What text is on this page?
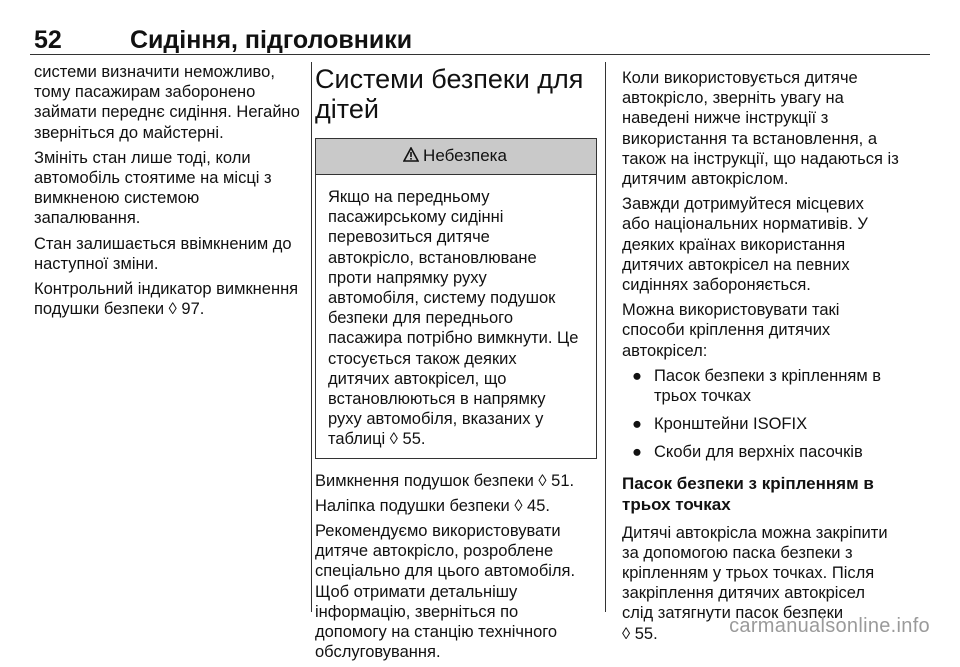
52	Сидіння, підголовники

системи визначити неможливо,
тому пасажирам заборонено
займати переднє сидіння. Негайно
зверніться до майстерні.

Змініть стан лише тоді, коли
автомобіль стоятиме на місці з
вимкненою системою
запалювання.

Стан залишається ввімкненим до
наступної зміни.

Контрольний індикатор вимкнення
подушки безпеки ◊ 97.

Системи безпеки для
дітей
Небезпека
Якщо на передньому
пасажирському сидінні
перевозиться дитяче
автокрісло, встановлюване
проти напрямку руху
автомобіля, систему подушок
безпеки для переднього
пасажира потрібно вимкнути. Це
стосується також деяких
дитячих автокрісел, що
встановлюються в напрямку
руху автомобіля, вказаних у
таблиці ◊ 55.

Вимкнення подушок безпеки ◊ 51.

Наліпка подушки безпеки ◊ 45.

Рекомендуємо використовувати
дитяче автокрісло, розроблене
спеціально для цього автомобіля.
Щоб отримати детальнішу
інформацію, зверніться по
допомогу на станцію технічного
обслуговування.

Коли використовується дитяче
автокрісло, зверніть увагу на
наведені нижче інструкції з
використання та встановлення, а
також на інструкції, що надаються із
дитячим автокріслом.

Завжди дотримуйтеся місцевих
або національних нормативів. У
деяких країнах використання
дитячих автокрісел на певних
сидіннях забороняється.

Можна використовувати такі
способи кріплення дитячих
автокрісел:

● Пасок безпеки з кріпленням в
трьох точках
● Кронштейни ISOFIX
● Скоби для верхніх пасочків
Пасок безпеки з кріпленням в
трьох точках

Дитячі автокрісла можна закріпити
за допомогою паска безпеки з
кріпленням у трьох точках. Після
закріплення дитячих автокрісел
слід затягнути пасок безпеки
◊ 55.	carmanualsonline.info
